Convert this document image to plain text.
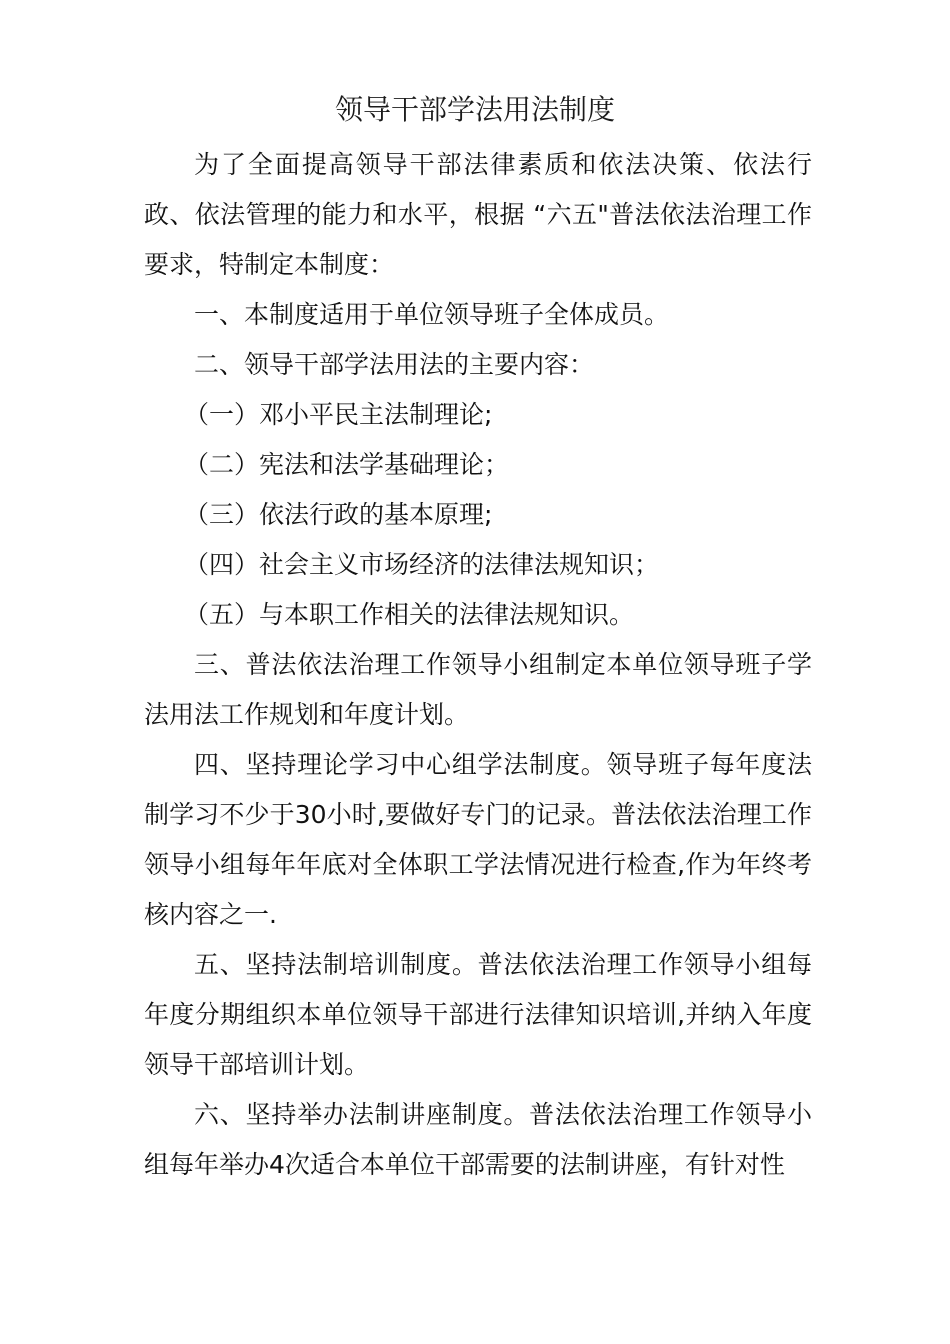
领导干部学法用法制度

为了全面提高领导干部法律素质和依法决策、依法行政、依法管理的能力和水平，根据 “六五"普法依法治理工作要求，特制定本制度：

一、本制度适用于单位领导班子全体成员。

二、领导干部学法用法的主要内容：

（一）邓小平民主法制理论;

（二）宪法和法学基础理论；

（三）依法行政的基本原理;

（四）社会主义市场经济的法律法规知识；

（五）与本职工作相关的法律法规知识。

三、普法依法治理工作领导小组制定本单位领导班子学法用法工作规划和年度计划。

四、坚持理论学习中心组学法制度。领导班子每年度法制学习不少于30小时,要做好专门的记录。普法依法治理工作领导小组每年年底对全体职工学法情况进行检查,作为年终考核内容之一.

五、坚持法制培训制度。普法依法治理工作领导小组每年度分期组织本单位领导干部进行法律知识培训,并纳入年度领导干部培训计划。

六、坚持举办法制讲座制度。普法依法治理工作领导小组每年举办4次适合本单位干部需要的法制讲座，有针对性
